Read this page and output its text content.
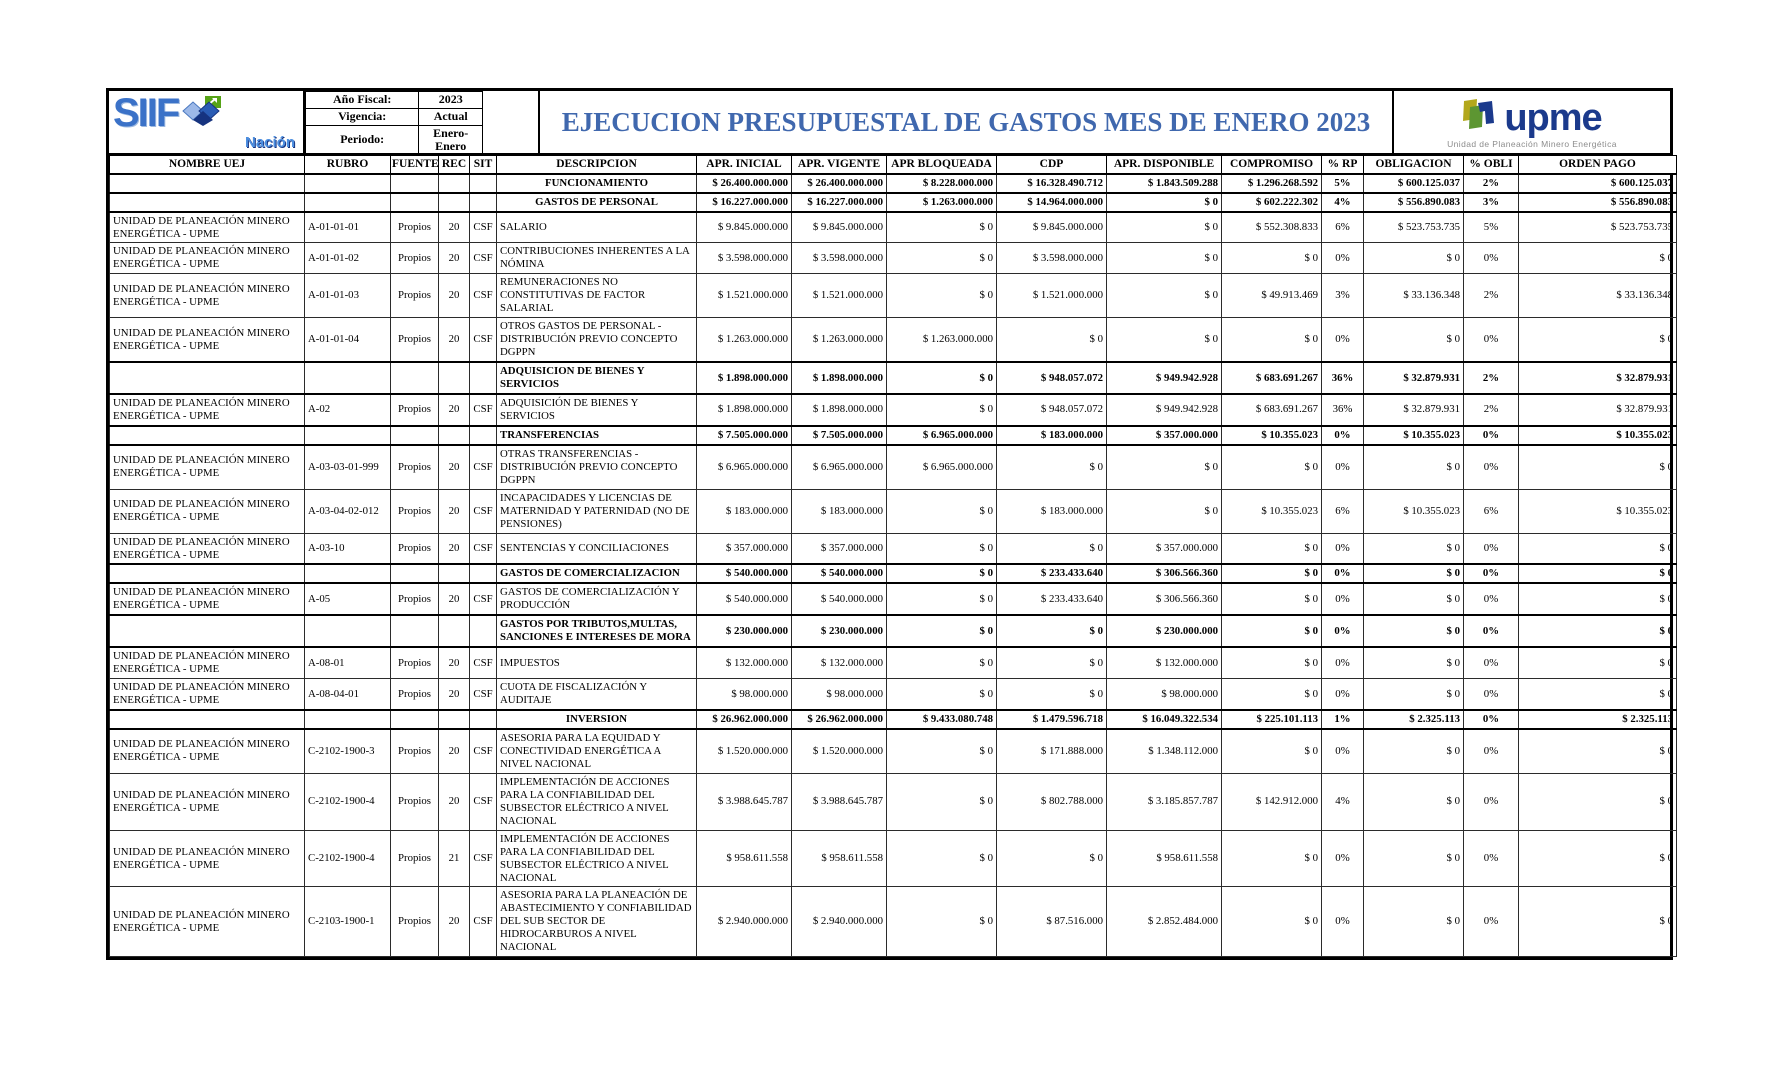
SIIF
Nación
Año Fiscal:	2023
Vigencia:	Actual
Periodo:	Enero-Enero
EJECUCION PRESUPUESTAL DE GASTOS MES DE ENERO 2023	upme
Unidad de Planeación Minero Energética
NOMBRE UEJ	RUBRO	FUENTE	REC	SIT	DESCRIPCION	APR. INICIAL	APR. VIGENTE	APR BLOQUEADA	CDP	APR. DISPONIBLE	COMPROMISO	% RP	OBLIGACION	% OBLI	ORDEN PAGO
					FUNCIONAMIENTO	$ 26.400.000.000	$ 26.400.000.000	$ 8.228.000.000	$ 16.328.490.712	$ 1.843.509.288	$ 1.296.268.592	5%	$ 600.125.037	2%	$ 600.125.037
					GASTOS DE PERSONAL	$ 16.227.000.000	$ 16.227.000.000	$ 1.263.000.000	$ 14.964.000.000	$ 0	$ 602.222.302	4%	$ 556.890.083	3%	$ 556.890.083
UNIDAD DE PLANEACIÓN MINERO ENERGÉTICA - UPME	A-01-01-01	Propios	20	CSF	SALARIO	$ 9.845.000.000	$ 9.845.000.000	$ 0	$ 9.845.000.000	$ 0	$ 552.308.833	6%	$ 523.753.735	5%	$ 523.753.735
UNIDAD DE PLANEACIÓN MINERO ENERGÉTICA - UPME	A-01-01-02	Propios	20	CSF	CONTRIBUCIONES INHERENTES A LA NÓMINA	$ 3.598.000.000	$ 3.598.000.000	$ 0	$ 3.598.000.000	$ 0	$ 0	0%	$ 0	0%	$ 0
UNIDAD DE PLANEACIÓN MINERO ENERGÉTICA - UPME	A-01-01-03	Propios	20	CSF	REMUNERACIONES NO CONSTITUTIVAS DE FACTOR SALARIAL	$ 1.521.000.000	$ 1.521.000.000	$ 0	$ 1.521.000.000	$ 0	$ 49.913.469	3%	$ 33.136.348	2%	$ 33.136.348
UNIDAD DE PLANEACIÓN MINERO ENERGÉTICA - UPME	A-01-01-04	Propios	20	CSF	OTROS GASTOS DE PERSONAL - DISTRIBUCIÓN PREVIO CONCEPTO DGPPN	$ 1.263.000.000	$ 1.263.000.000	$ 1.263.000.000	$ 0	$ 0	$ 0	0%	$ 0	0%	$ 0
					ADQUISICION DE BIENES Y SERVICIOS	$ 1.898.000.000	$ 1.898.000.000	$ 0	$ 948.057.072	$ 949.942.928	$ 683.691.267	36%	$ 32.879.931	2%	$ 32.879.931
UNIDAD DE PLANEACIÓN MINERO ENERGÉTICA - UPME	A-02	Propios	20	CSF	ADQUISICIÓN DE BIENES Y SERVICIOS	$ 1.898.000.000	$ 1.898.000.000	$ 0	$ 948.057.072	$ 949.942.928	$ 683.691.267	36%	$ 32.879.931	2%	$ 32.879.931
					TRANSFERENCIAS	$ 7.505.000.000	$ 7.505.000.000	$ 6.965.000.000	$ 183.000.000	$ 357.000.000	$ 10.355.023	0%	$ 10.355.023	0%	$ 10.355.023
UNIDAD DE PLANEACIÓN MINERO ENERGÉTICA - UPME	A-03-03-01-999	Propios	20	CSF	OTRAS TRANSFERENCIAS - DISTRIBUCIÓN PREVIO CONCEPTO DGPPN	$ 6.965.000.000	$ 6.965.000.000	$ 6.965.000.000	$ 0	$ 0	$ 0	0%	$ 0	0%	$ 0
UNIDAD DE PLANEACIÓN MINERO ENERGÉTICA - UPME	A-03-04-02-012	Propios	20	CSF	INCAPACIDADES Y LICENCIAS DE MATERNIDAD Y PATERNIDAD (NO DE PENSIONES)	$ 183.000.000	$ 183.000.000	$ 0	$ 183.000.000	$ 0	$ 10.355.023	6%	$ 10.355.023	6%	$ 10.355.023
UNIDAD DE PLANEACIÓN MINERO ENERGÉTICA - UPME	A-03-10	Propios	20	CSF	SENTENCIAS Y CONCILIACIONES	$ 357.000.000	$ 357.000.000	$ 0	$ 0	$ 357.000.000	$ 0	0%	$ 0	0%	$ 0
					GASTOS DE COMERCIALIZACION	$ 540.000.000	$ 540.000.000	$ 0	$ 233.433.640	$ 306.566.360	$ 0	0%	$ 0	0%	$ 0
UNIDAD DE PLANEACIÓN MINERO ENERGÉTICA - UPME	A-05	Propios	20	CSF	GASTOS DE COMERCIALIZACIÓN Y PRODUCCIÓN	$ 540.000.000	$ 540.000.000	$ 0	$ 233.433.640	$ 306.566.360	$ 0	0%	$ 0	0%	$ 0
					GASTOS POR TRIBUTOS,MULTAS, SANCIONES E INTERESES DE MORA	$ 230.000.000	$ 230.000.000	$ 0	$ 0	$ 230.000.000	$ 0	0%	$ 0	0%	$ 0
UNIDAD DE PLANEACIÓN MINERO ENERGÉTICA - UPME	A-08-01	Propios	20	CSF	IMPUESTOS	$ 132.000.000	$ 132.000.000	$ 0	$ 0	$ 132.000.000	$ 0	0%	$ 0	0%	$ 0
UNIDAD DE PLANEACIÓN MINERO ENERGÉTICA - UPME	A-08-04-01	Propios	20	CSF	CUOTA DE FISCALIZACIÓN Y AUDITAJE	$ 98.000.000	$ 98.000.000	$ 0	$ 0	$ 98.000.000	$ 0	0%	$ 0	0%	$ 0
					INVERSION	$ 26.962.000.000	$ 26.962.000.000	$ 9.433.080.748	$ 1.479.596.718	$ 16.049.322.534	$ 225.101.113	1%	$ 2.325.113	0%	$ 2.325.113
UNIDAD DE PLANEACIÓN MINERO ENERGÉTICA - UPME	C-2102-1900-3	Propios	20	CSF	ASESORIA PARA LA EQUIDAD Y CONECTIVIDAD ENERGÉTICA A NIVEL NACIONAL	$ 1.520.000.000	$ 1.520.000.000	$ 0	$ 171.888.000	$ 1.348.112.000	$ 0	0%	$ 0	0%	$ 0
UNIDAD DE PLANEACIÓN MINERO ENERGÉTICA - UPME	C-2102-1900-4	Propios	20	CSF	IMPLEMENTACIÓN DE ACCIONES PARA LA CONFIABILIDAD DEL SUBSECTOR ELÉCTRICO A NIVEL NACIONAL	$ 3.988.645.787	$ 3.988.645.787	$ 0	$ 802.788.000	$ 3.185.857.787	$ 142.912.000	4%	$ 0	0%	$ 0
UNIDAD DE PLANEACIÓN MINERO ENERGÉTICA - UPME	C-2102-1900-4	Propios	21	CSF	IMPLEMENTACIÓN DE ACCIONES PARA LA CONFIABILIDAD DEL SUBSECTOR ELÉCTRICO A NIVEL NACIONAL	$ 958.611.558	$ 958.611.558	$ 0	$ 0	$ 958.611.558	$ 0	0%	$ 0	0%	$ 0
UNIDAD DE PLANEACIÓN MINERO ENERGÉTICA - UPME	C-2103-1900-1	Propios	20	CSF	ASESORIA PARA LA PLANEACIÓN DE ABASTECIMIENTO Y CONFIABILIDAD DEL SUB SECTOR DE HIDROCARBUROS A NIVEL NACIONAL	$ 2.940.000.000	$ 2.940.000.000	$ 0	$ 87.516.000	$ 2.852.484.000	$ 0	0%	$ 0	0%	$ 0
